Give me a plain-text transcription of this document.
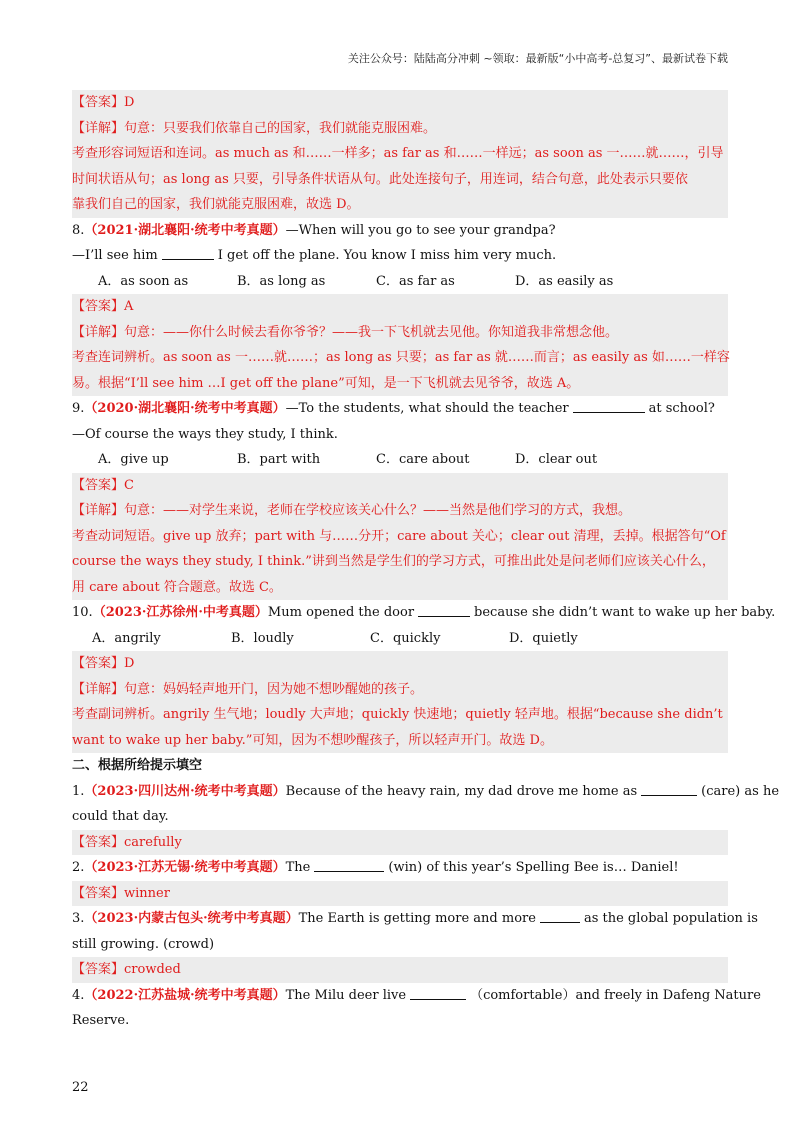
关注公众号：陆陆高分冲刺 ~领取：最新版“小中高考-总复习”、最新试卷下载
【答案】D
【详解】句意：只要我们依靠自己的国家，我们就能克服困难。
考查形容词短语和连词。as much as 和……一样多；as far as 和……一样远；as soon as 一……就……，引导
时间状语从句；as long as 只要，引导条件状语从句。此处连接句子，用连词，结合句意，此处表示只要依
靠我们自己的国家，我们就能克服困难，故选 D。
8.（2021·湖北襄阳·统考中考真题）—When will you go to see your grandpa?
—I’ll see him	I get off the plane. You know I miss him very much.
A．as soon as	B．as long as	C．as far as	D．as easily as
【答案】A
【详解】句意：——你什么时候去看你爷爷？——我一下飞机就去见他。你知道我非常想念他。
考查连词辨析。as soon as 一……就……；as long as 只要；as far as 就……而言；as easily as 如……一样容
易。根据“I’ll see him …I get off the plane”可知，是一下飞机就去见爷爷，故选 A。
9.（2020·湖北襄阳·统考中考真题）—To the students, what should the teacher	at school?
—Of course the ways they study, I think.
A．give up	B．part with	C．care about	D．clear out
【答案】C
【详解】句意：——对学生来说，老师在学校应该关心什么？——当然是他们学习的方式，我想。
考查动词短语。give up 放弃；part with 与……分开；care about 关心；clear out 清理，丢掉。根据答句“Of
course the ways they study, I think.”讲到当然是学生们的学习方式，可推出此处是问老师们应该关心什么，
用 care about 符合题意。故选 C。
10.（2023·江苏徐州·中考真题）Mum opened the door	because she didn’t want to wake up her baby.
A．angrily	B．loudly	C．quickly	D．quietly
【答案】D
【详解】句意：妈妈轻声地开门，因为她不想吵醒她的孩子。
考查副词辨析。angrily 生气地；loudly 大声地；quickly 快速地；quietly 轻声地。根据“because she didn’t
want to wake up her baby.”可知，因为不想吵醒孩子，所以轻声开门。故选 D。
二、根据所给提示填空
1.（2023·四川达州·统考中考真题）Because of the heavy rain, my dad drove me home as	(care) as he
could that day.
【答案】carefully
2.（2023·江苏无锡·统考中考真题）The	(win) of this year’s Spelling Bee is… Daniel!
【答案】winner
3.（2023·内蒙古包头·统考中考真题）The Earth is getting more and more	as the global population is
still growing. (crowd)
【答案】crowded
4.（2022·江苏盐城·统考中考真题）The Milu deer live	（comfortable）and freely in Dafeng Nature
Reserve.
22
